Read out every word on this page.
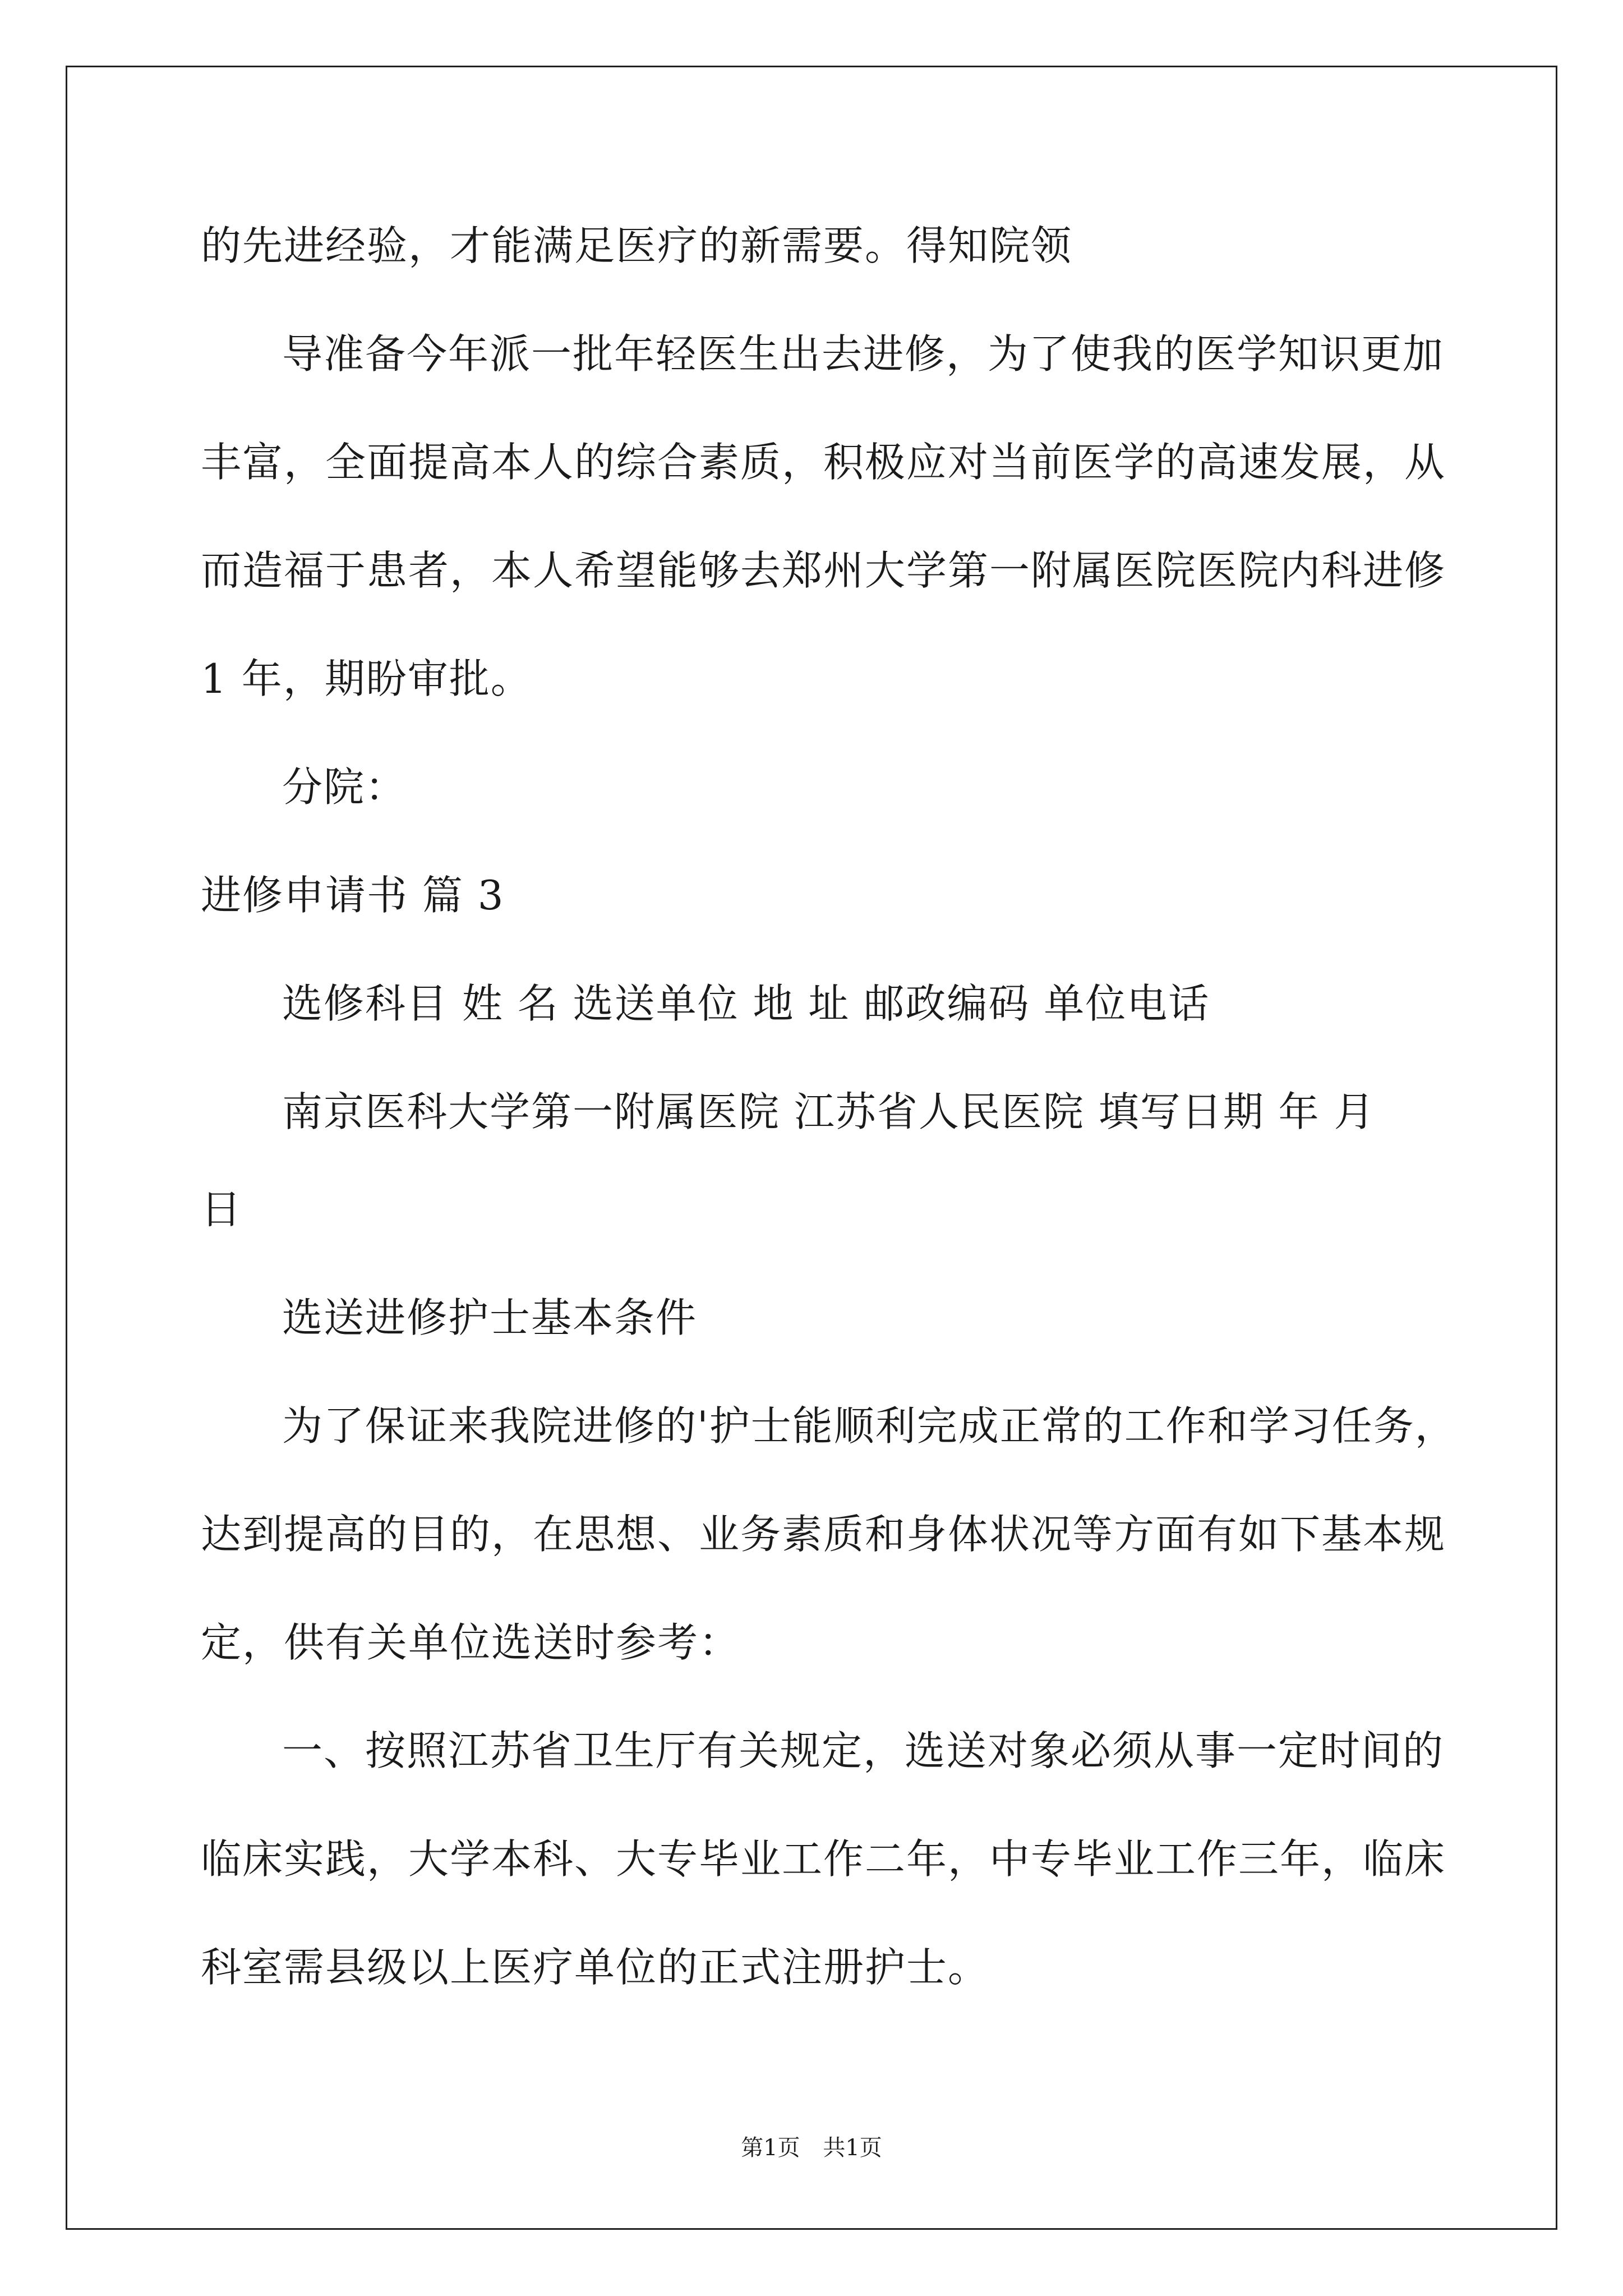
的先进经验，才能满足医疗的新需要。得知院领
导准备今年派一批年轻医生出去进修，为了使我的医学知识更加
丰富，全面提高本人的综合素质，积极应对当前医学的高速发展，从
而造福于患者，本人希望能够去郑州大学第一附属医院医院内科进修
1 年，期盼审批。
分院：
进修申请书 篇 3
选修科目 姓 名 选送单位 地 址 邮政编码 单位电话
南京医科大学第一附属医院 江苏省人民医院 填写日期 年 月
日
选送进修护士基本条件
为了保证来我院进修的'护士能顺利完成正常的工作和学习任务，
达到提高的目的，在思想、业务素质和身体状况等方面有如下基本规
定，供有关单位选送时参考：
一、按照江苏省卫生厅有关规定，选送对象必须从事一定时间的
临床实践，大学本科、大专毕业工作二年，中专毕业工作三年，临床
科室需县级以上医疗单位的正式注册护士。
第1页 共1页
